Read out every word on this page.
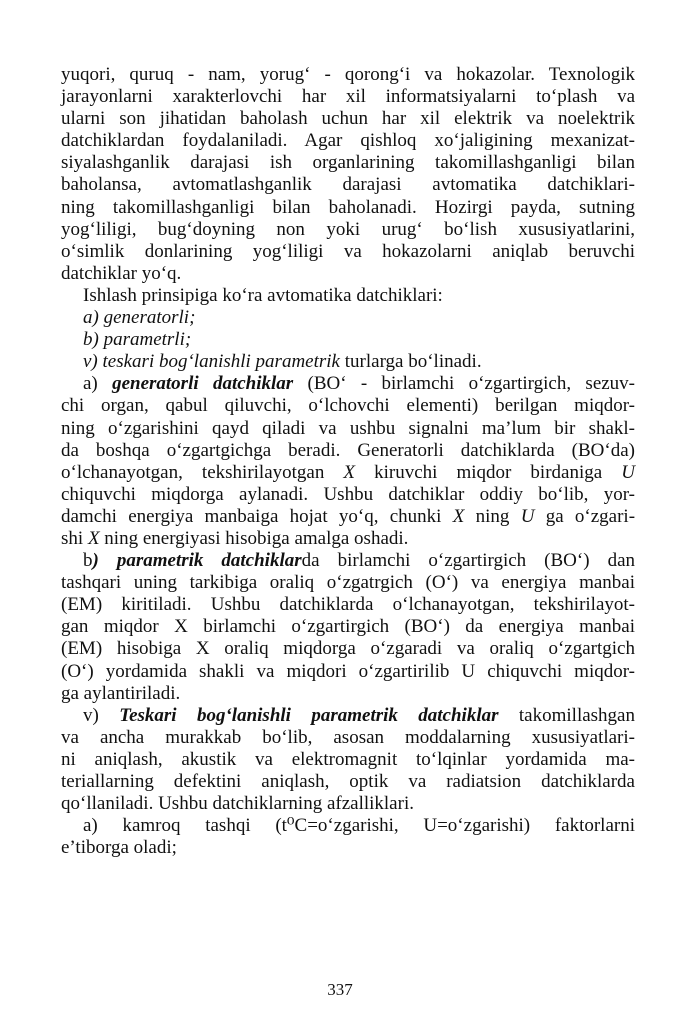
yuqori, quruq - nam, yorug‘ - qorong‘i va hokazolar. Texnologik
jarayonlarni xarakterlovchi har xil informatsiyalarni to‘plash va
ularni son jihatidan baholash uchun har xil elektrik va noelektrik
datchiklardan foydalaniladi. Agar qishloq xo‘jaligining mexanizat-
siyalashganlik darajasi ish organlarining takomillashganligi bilan
baholansa, avtomatlashganlik darajasi avtomatika datchiklari-
ning takomillashganligi bilan baholanadi. Hozirgi payda, sutning
yog‘liligi, bug‘doyning non yoki urug‘ bo‘lish xususiyatlarini,
o‘simlik donlarining yog‘liligi va hokazolarni aniqlab beruvchi
datchiklar yo‘q.
Ishlash prinsipiga ko‘ra avtomatika datchiklari:
a) generatorli;
b) parametrli;
v) teskari bog‘lanishli parametrik turlarga bo‘linadi.
a) generatorli datchiklar (BO‘ - birlamchi o‘zgartirgich, sezuv-
chi organ, qabul qiluvchi, o‘lchovchi elementi) berilgan miqdor-
ning o‘zgarishini qayd qiladi va ushbu signalni ma’lum bir shakl-
da boshqa o‘zgartgichga beradi. Generatorli datchiklarda (BO‘da)
o‘lchanayotgan, tekshirilayotgan X kiruvchi miqdor birdaniga U
chiquvchi miqdorga aylanadi. Ushbu datchiklar oddiy bo‘lib, yor-
damchi energiya manbaiga hojat yo‘q, chunki X ning U ga o‘zgari-
shi X ning energiyasi hisobiga amalga oshadi.
b) parametrik datchiklarda birlamchi o‘zgartirgich (BO‘) dan
tashqari uning tarkibiga oraliq o‘zgatrgich (O‘) va energiya manbai
(EM) kiritiladi. Ushbu datchiklarda o‘lchanayotgan, tekshirilayot-
gan miqdor X birlamchi o‘zgartirgich (BO‘) da energiya manbai
(EM) hisobiga X oraliq miqdorga o‘zgaradi va oraliq o‘zgartgich
(O‘) yordamida shakli va miqdori o‘zgartirilib U chiquvchi miqdor-
ga aylantiriladi.
v) Teskari bog‘lanishli parametrik datchiklar takomillashgan
va ancha murakkab bo‘lib, asosan moddalarning xususiyatlari-
ni aniqlash, akustik va elektromagnit to‘lqinlar yordamida ma-
teriallarning defektini aniqlash, optik va radiatsion datchiklarda
qo‘llaniladi. Ushbu datchiklarning afzalliklari.
a) kamroq tashqi (t⁰C=o‘zgarishi, U=o‘zgarishi) faktorlarni
e’tiborga oladi;
337
